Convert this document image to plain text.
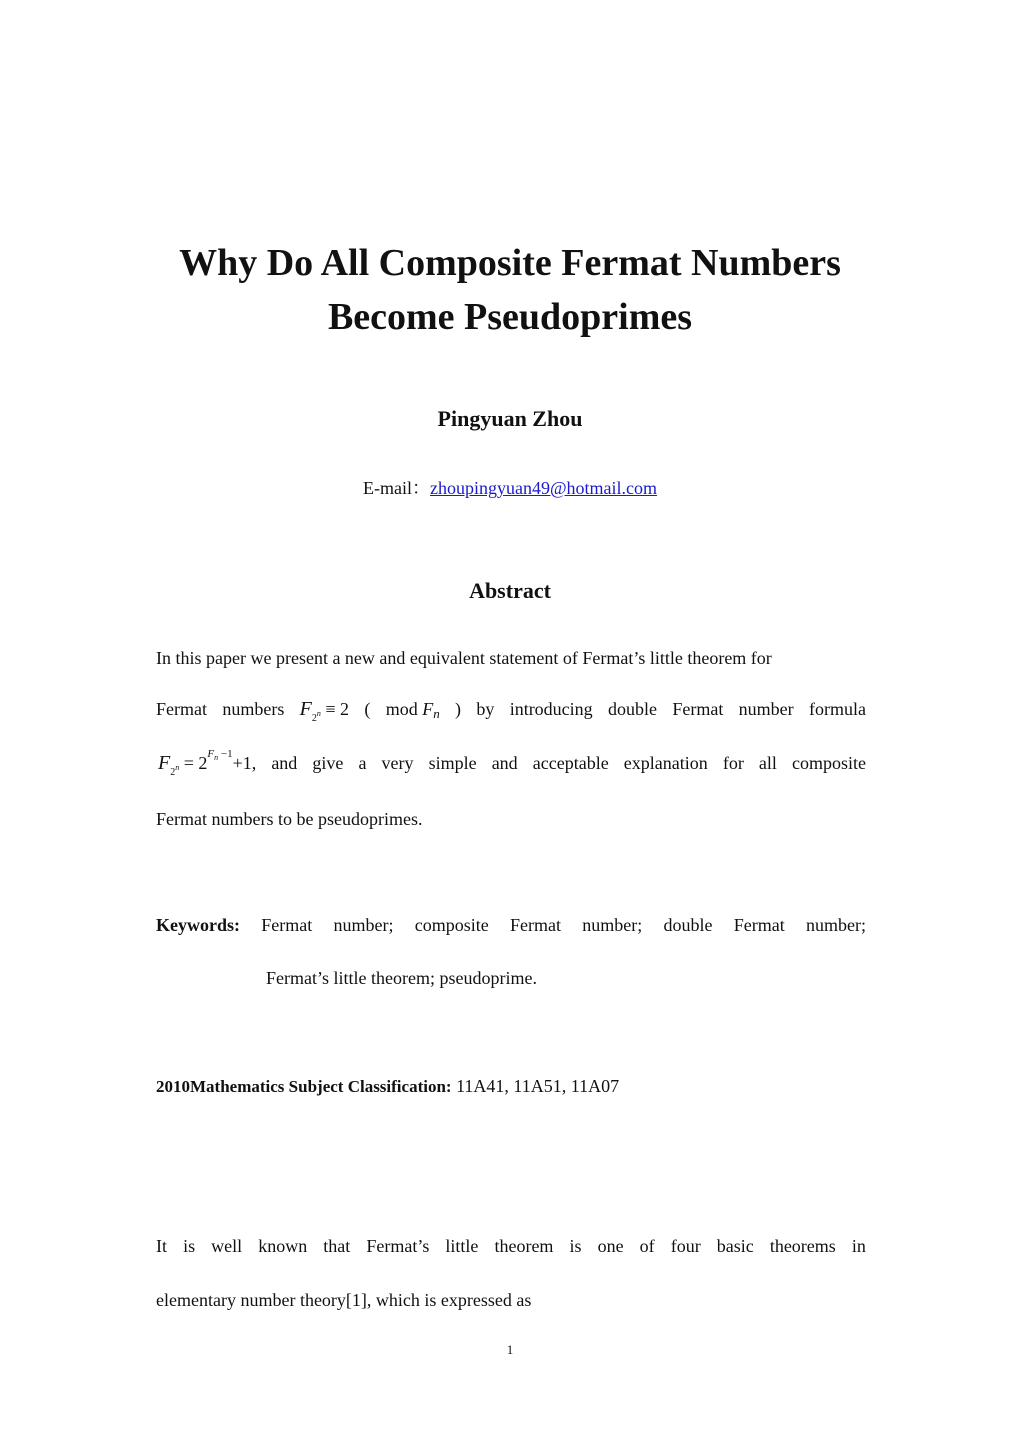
Why Do All Composite Fermat Numbers
Become Pseudoprimes
Pingyuan Zhou
E-mail：zhoupingyuan49@hotmail.com
Abstract
In this paper we present a new and equivalent statement of Fermat’s little theorem for
Fermat numbers $F_{2^n} \equiv 2$ ( mod Fn ) by introducing double Fermat number formula
$F_{2^n} = 2^{F_n -1}+1$, and give a very simple and acceptable explanation for all composite
Fermat numbers to be pseudoprimes.
Keywords: Fermat number; composite Fermat number; double Fermat number;
Fermat’s little theorem; pseudoprime.
2010Mathematics Subject Classification: 11A41, 11A51, 11A07
It is well known that Fermat’s little theorem is one of four basic theorems in
elementary number theory[1], which is expressed as
1
